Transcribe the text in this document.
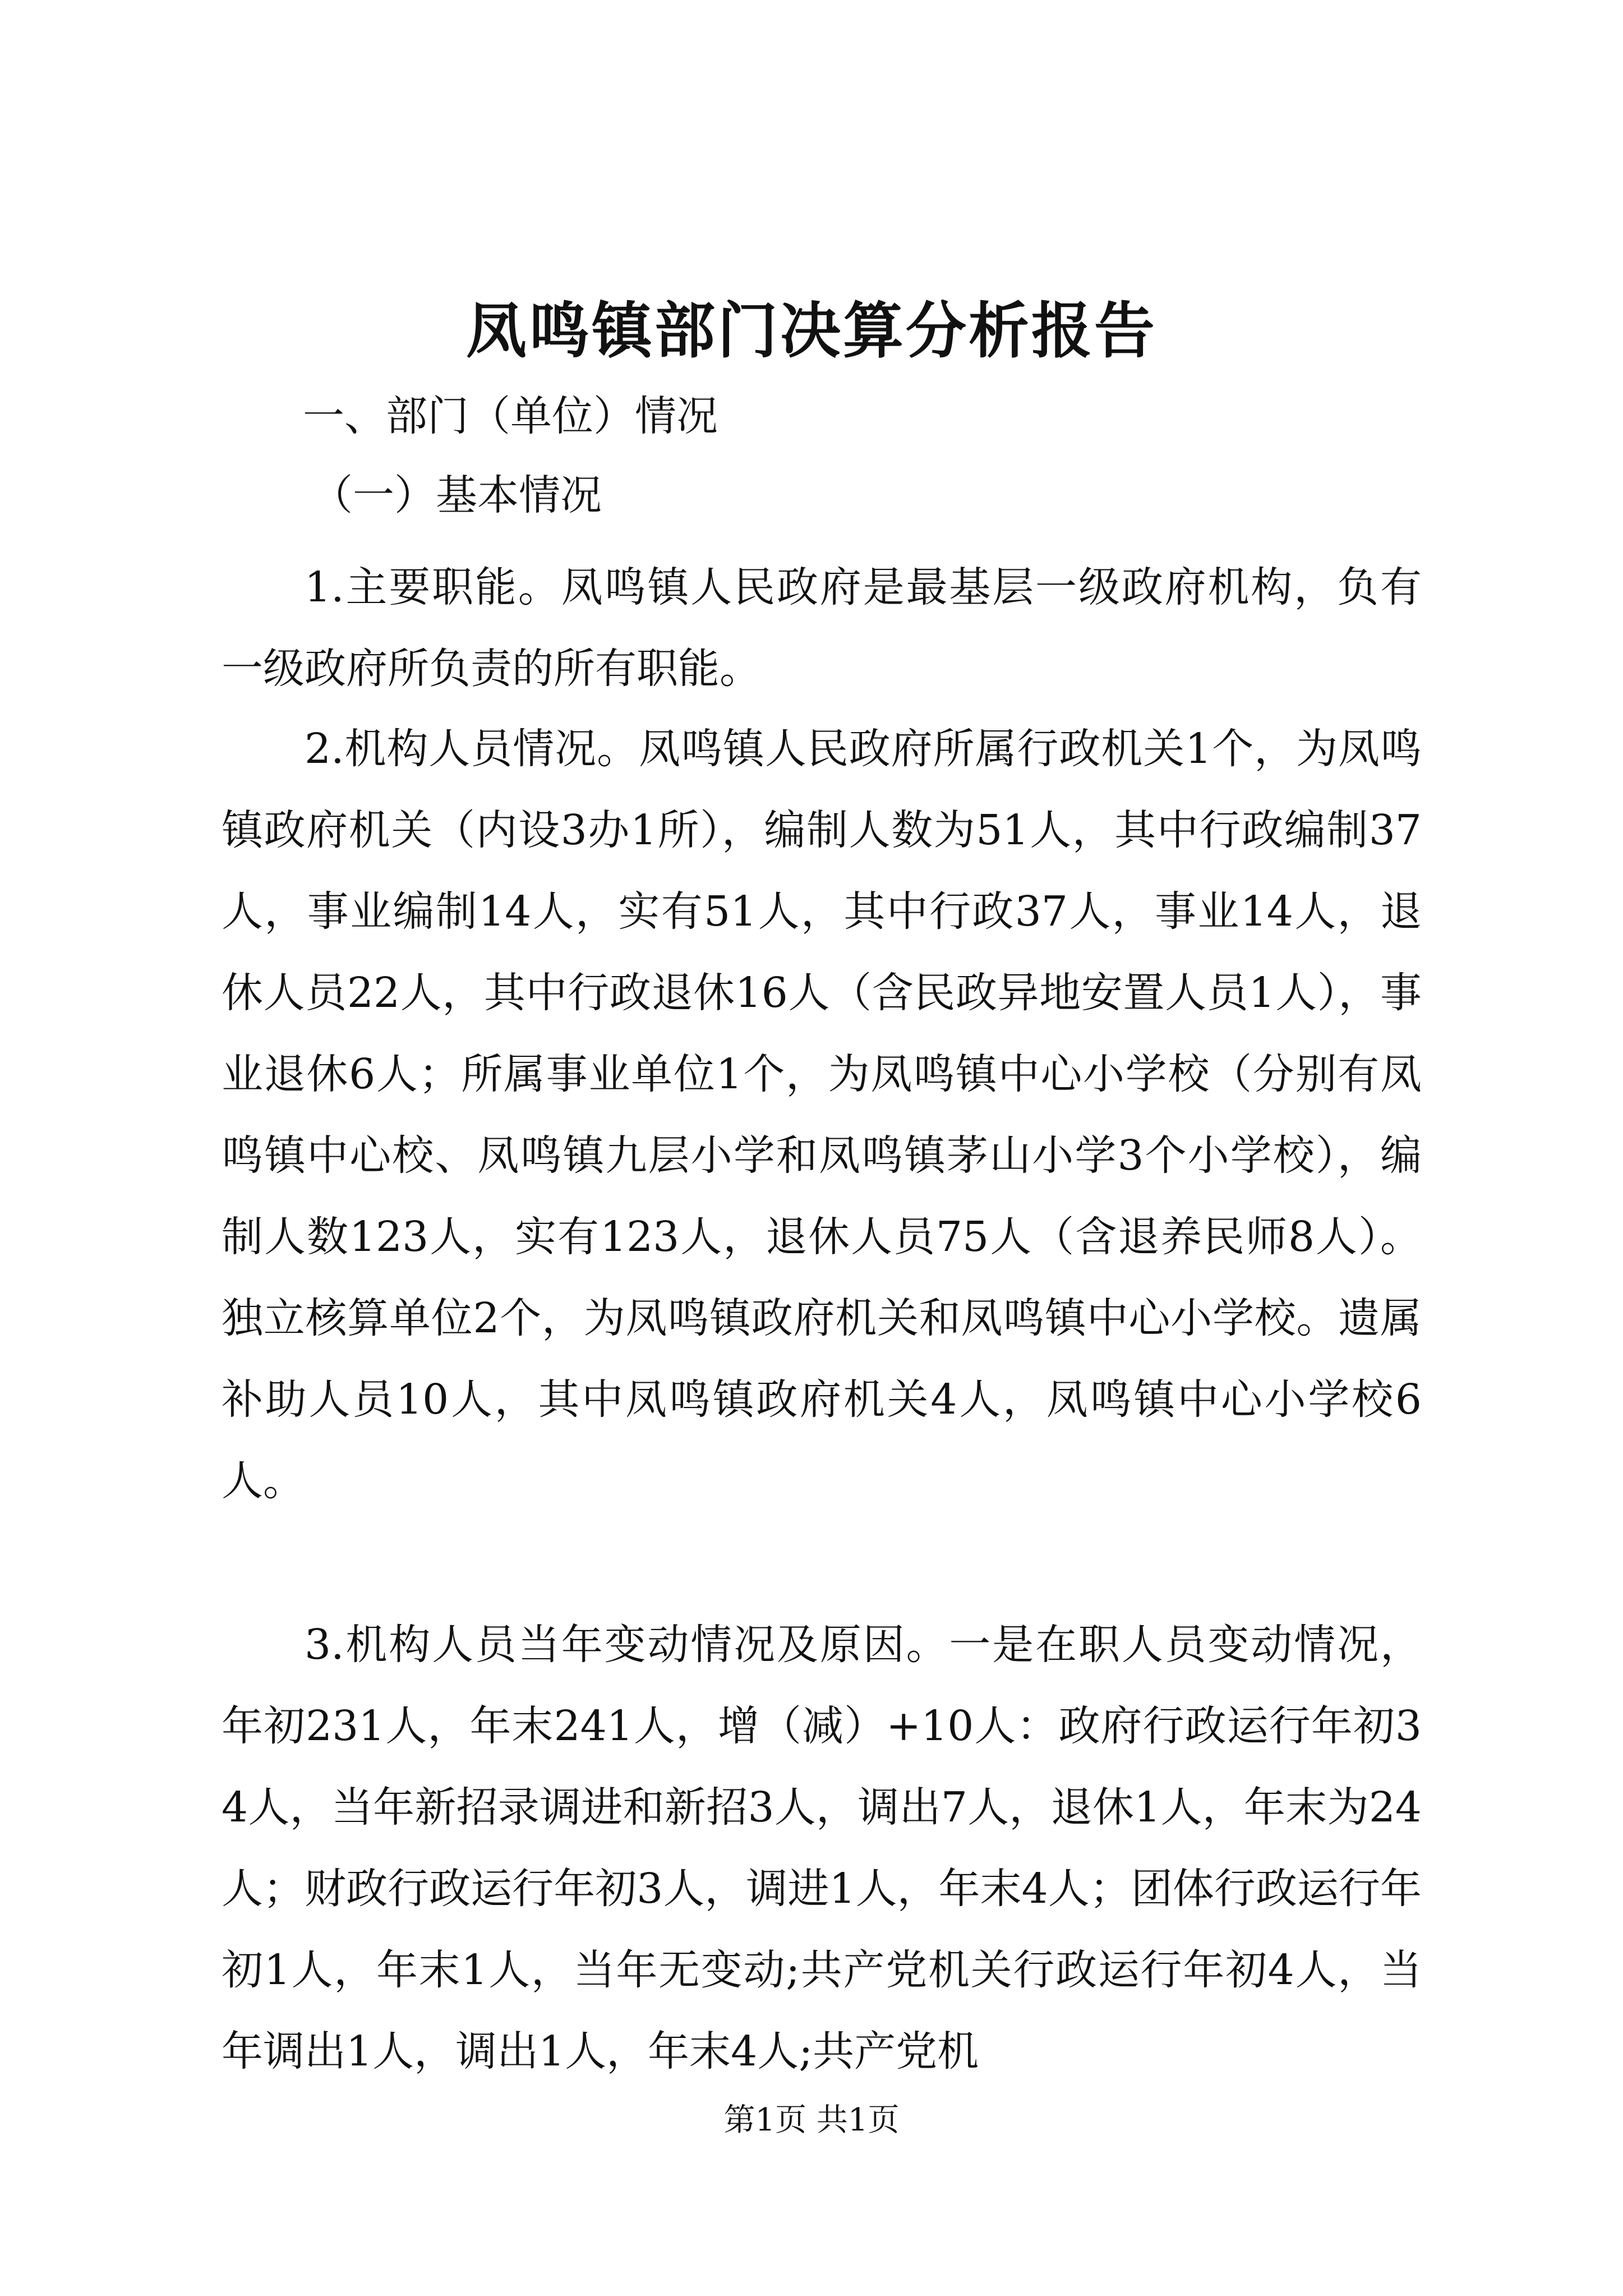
凤鸣镇部门决算分析报告
一、部门（单位）情况
（一）基本情况
1.主要职能。凤鸣镇人民政府是最基层一级政府机构，负有一级政府所负责的所有职能。
2.机构人员情况。凤鸣镇人民政府所属行政机关1个，为凤鸣镇政府机关（内设3办1所），编制人数为51人，其中行政编制37人，事业编制14人，实有51人，其中行政37人，事业14人，退休人员22人，其中行政退休16人（含民政异地安置人员1人），事业退休6人；所属事业单位1个，为凤鸣镇中心小学校（分别有凤鸣镇中心校、凤鸣镇九层小学和凤鸣镇茅山小学3个小学校），编制人数123人，实有123人，退休人员75人（含退养民师8人）。独立核算单位2个，为凤鸣镇政府机关和凤鸣镇中心小学校。遗属补助人员10人，其中凤鸣镇政府机关4人，凤鸣镇中心小学校6人。
3.机构人员当年变动情况及原因。一是在职人员变动情况，年初231人，年末241人，增（减）+10人：政府行政运行年初34人，当年新招录调进和新招3人，调出7人，退休1人，年末为24人；财政行政运行年初3人，调进1人，年末4人；团体行政运行年初1人，年末1人，当年无变动;共产党机关行政运行年初4人，当年调出1人，调出1人，年末4人;共产党机
第1页 共1页
